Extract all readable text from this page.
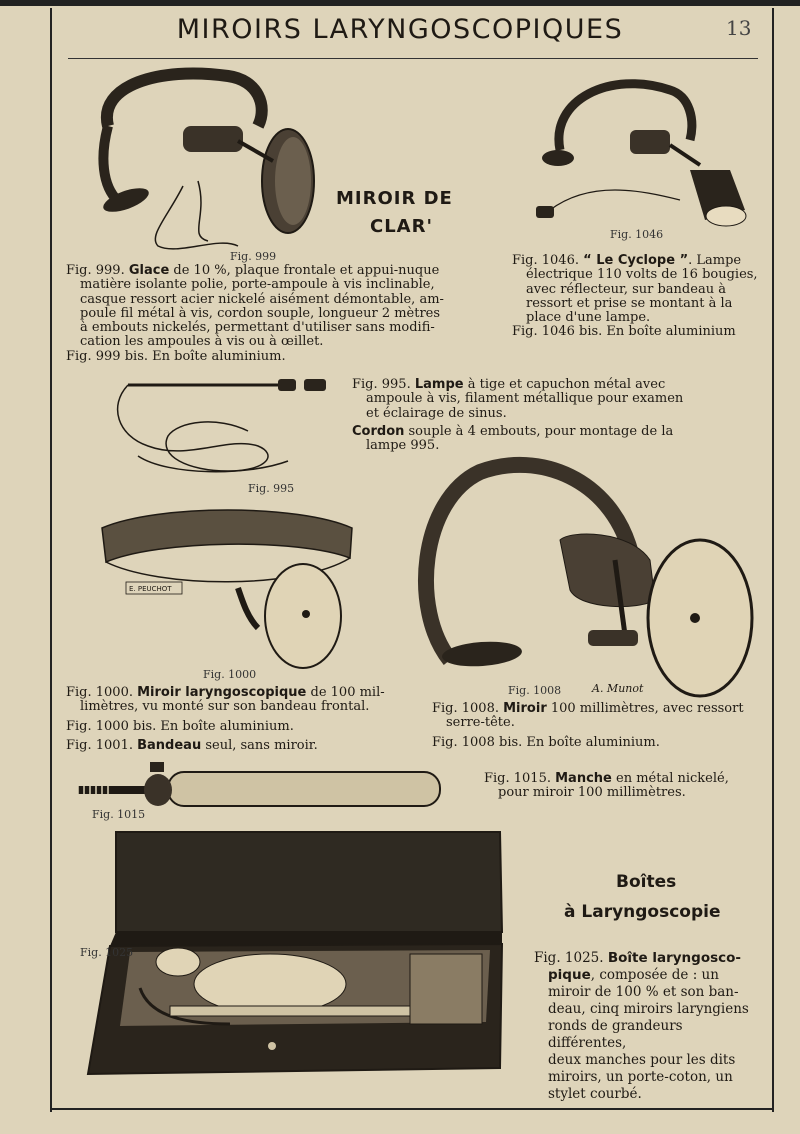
MIROIRS LARYNGOSCOPIQUES	13
Fig. 999
MIROIR DE
CLAR'	Fig. 1046
Fig. 999. Glace de 10 %, plaque frontale et appui-nuque
matière isolante polie, porte-ampoule à vis inclinable,
casque ressort acier nickelé aisément démontable, am-
poule fil métal à vis, cordon souple, longueur 2 mètres
à embouts nickelés, permettant d'utiliser sans modifi-
cation les ampoules à vis ou à œillet.
Fig. 999 bis. En boîte aluminium.
Fig. 1046. “ Le Cyclope ”. Lampe
électrique 110 volts de 16 bougies,
avec réflecteur, sur bandeau à
ressort et prise se montant à la
place d'une lampe.
Fig. 1046 bis. En boîte aluminium
Fig. 995
Fig. 995. Lampe à tige et capuchon métal avec
ampoule à vis, filament métallique pour examen
et éclairage de sinus.
Cordon souple à 4 embouts, pour montage de la
lampe 995.
E. PEUCHOT
Fig. 1000
Fig. 1008	A. Munot
Fig. 1000. Miroir laryngoscopique de 100 mil-
limètres, vu monté sur son bandeau frontal.
Fig. 1000 bis. En boîte aluminium.
Fig. 1001. Bandeau seul, sans miroir.
Fig. 1008. Miroir 100 millimètres, avec ressort
serre-tête.
Fig. 1008 bis. En boîte aluminium.
Fig. 1015
Fig. 1015. Manche en métal nickelé,
pour miroir 100 millimètres.
Fig. 1025
Boîtes
à Laryngoscopie
Fig. 1025. Boîte laryngosco-
pique, composée de : un
miroir de 100 % et son ban-
deau, cinq miroirs laryngiens
ronds de grandeurs différentes,
deux manches pour les dits
miroirs, un porte-coton, un
stylet courbé.
